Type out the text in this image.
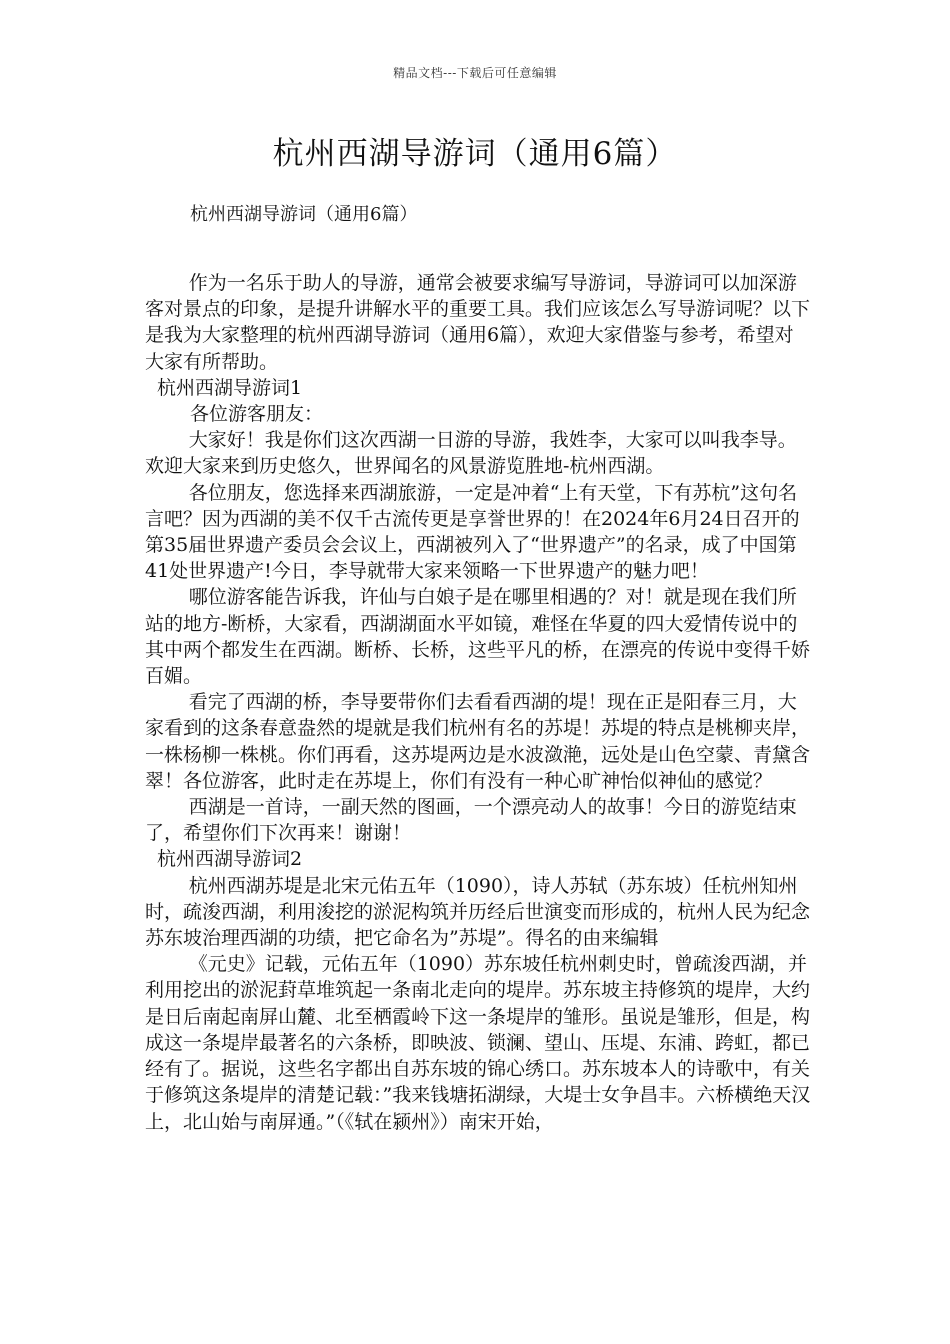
精品文档---下载后可任意编辑
杭州西湖导游词（通用6篇）
杭州西湖导游词（通用6篇）

作为一名乐于助人的导游，通常会被要求编写导游词，导游词可以加深游客对景点的印象，是提升讲解水平的重要工具。我们应该怎么写导游词呢？以下是我为大家整理的杭州西湖导游词（通用6篇），欢迎大家借鉴与参考，希望对大家有所帮助。

杭州西湖导游词1

各位游客朋友：

大家好！我是你们这次西湖一日游的导游，我姓李，大家可以叫我李导。欢迎大家来到历史悠久，世界闻名的风景游览胜地-杭州西湖。

各位朋友，您选择来西湖旅游，一定是冲着“上有天堂，下有苏杭”这句名言吧？因为西湖的美不仅千古流传更是享誉世界的！在2024年6月24日召开的第35届世界遗产委员会会议上，西湖被列入了“世界遗产”的名录，成了中国第41处世界遗产!今日，李导就带大家来领略一下世界遗产的魅力吧！

哪位游客能告诉我，许仙与白娘子是在哪里相遇的？对！就是现在我们所站的地方-断桥，大家看，西湖湖面水平如镜，难怪在华夏的四大爱情传说中的其中两个都发生在西湖。断桥、长桥，这些平凡的桥，在漂亮的传说中变得千娇百媚。

看完了西湖的桥，李导要带你们去看看西湖的堤！现在正是阳春三月，大家看到的这条春意盎然的堤就是我们杭州有名的苏堤！苏堤的特点是桃柳夹岸，一株杨柳一株桃。你们再看，这苏堤两边是水波潋滟，远处是山色空蒙、青黛含翠！各位游客，此时走在苏堤上，你们有没有一种心旷神怡似神仙的感觉？

西湖是一首诗，一副天然的图画，一个漂亮动人的故事！今日的游览结束了，希望你们下次再来！谢谢！

杭州西湖导游词2

杭州西湖苏堤是北宋元佑五年（1090），诗人苏轼（苏东坡）任杭州知州时，疏浚西湖，利用浚挖的淤泥构筑并历经后世演变而形成的，杭州人民为纪念苏东坡治理西湖的功绩，把它命名为”苏堤”。得名的由来编辑

《元史》记载，元佑五年（1090）苏东坡任杭州刺史时，曾疏浚西湖，并利用挖出的淤泥葑草堆筑起一条南北走向的堤岸。苏东坡主持修筑的堤岸，大约是日后南起南屏山麓、北至栖霞岭下这一条堤岸的雏形。虽说是雏形，但是，构成这一条堤岸最著名的六条桥，即映波、锁澜、望山、压堤、东浦、跨虹，都已经有了。据说，这些名字都出自苏东坡的锦心绣口。苏东坡本人的诗歌中，有关于修筑这条堤岸的清楚记载：”我来钱塘拓湖绿，大堤士女争昌丰。六桥横绝天汉上，北山始与南屏通。”（《轼在颍州》）南宋开始，
